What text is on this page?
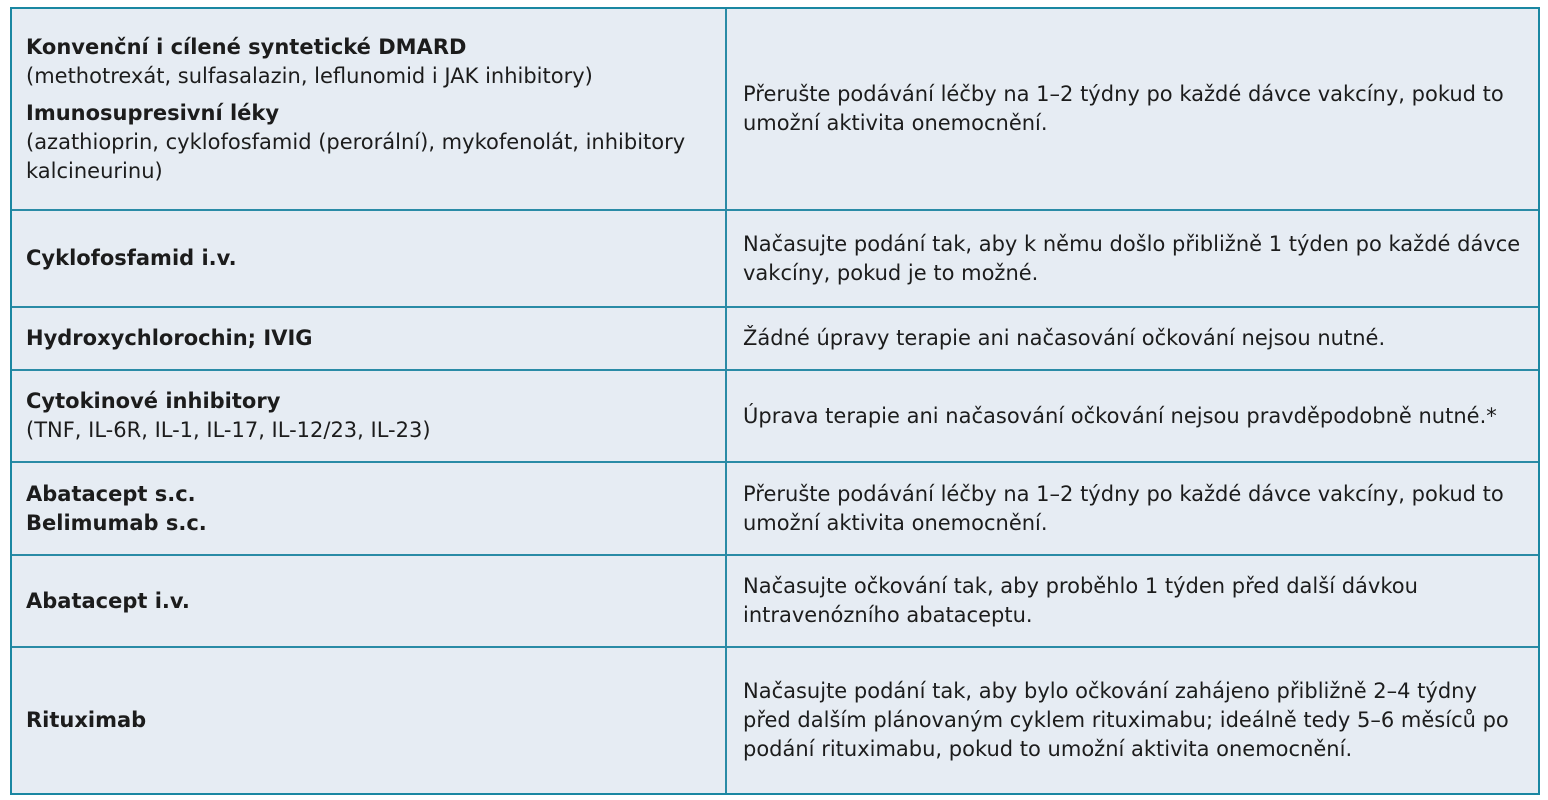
Konvenční i cílené syntetické DMARD
(methotrexát, sulfasalazin, leflunomid i JAK inhibitory)
Imunosupresivní léky
(azathioprin, cyklofosfamid (perorální), mykofenolát, inhibitory kalcineurinu)	Přerušte podávání léčby na 1–2 týdny po každé dávce vakcíny, pokud to umožní aktivita onemocnění.

Cyklofosfamid i.v.	Načasujte podání tak, aby k němu došlo přibližně 1 týden po každé dávce vakcíny, pokud je to možné.

Hydroxychlorochin; IVIG	Žádné úpravy terapie ani načasování očkování nejsou nutné.

Cytokinové inhibitory
(TNF, IL-6R, IL-1, IL-17, IL-12/23, IL-23)	Úprava terapie ani načasování očkování nejsou pravděpodobně nutné.*

Abatacept s.c.
Belimumab s.c.	Přerušte podávání léčby na 1–2 týdny po každé dávce vakcíny, pokud to umožní aktivita onemocnění.

Abatacept i.v.	Načasujte očkování tak, aby proběhlo 1 týden před další dávkou intravenózního abataceptu.

Rituximab	Načasujte podání tak, aby bylo očkování zahájeno přibližně 2–4 týdny před dalším plánovaným cyklem rituximabu; ideálně tedy 5–6 měsíců po podání rituximabu, pokud to umožní aktivita onemocnění.
